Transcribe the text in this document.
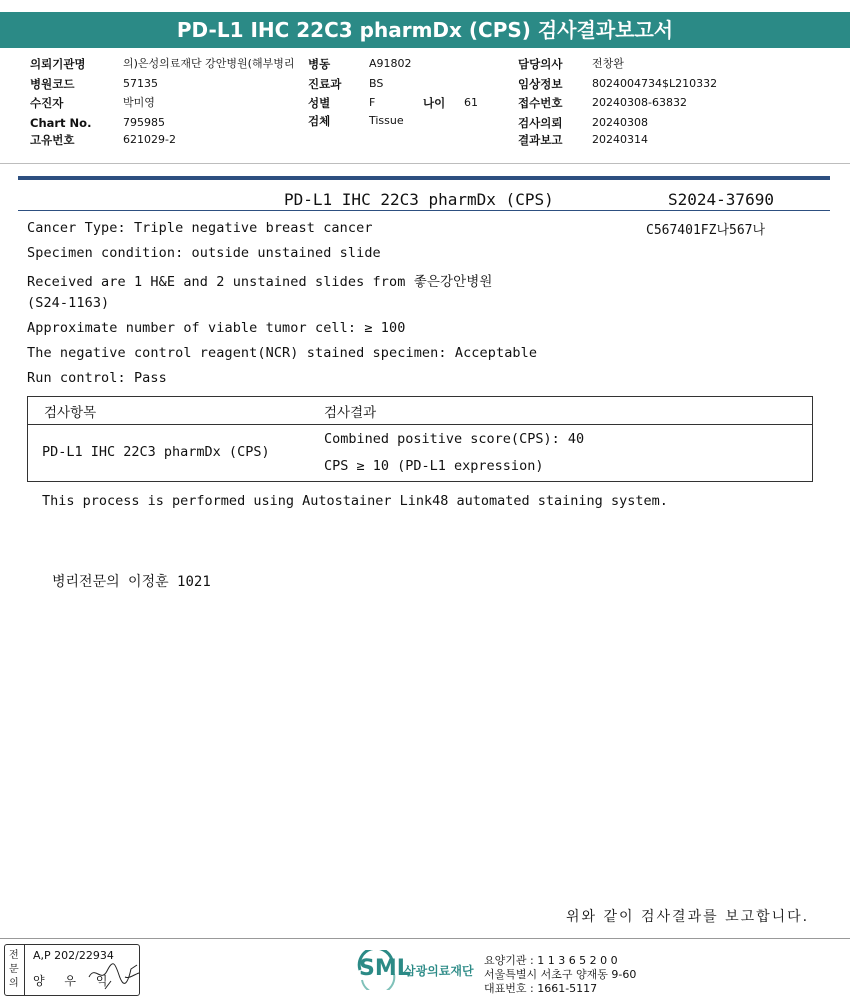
PD-L1 IHC 22C3 pharmDx (CPS) 검사결과보고서
의뢰기관명	의)은성의료재단 강안병원(해부병리 병동	A91802	담당의사	전창완
병원코드	57135	진료과	BS	임상정보	8024004734$L210332
수진자	박미영	성별	F	나이 61	접수번호	20240308-63832
Chart No.	795985	검체	Tissue	검사의뢰	20240308
고유번호	621029-2	결과보고	20240314
PD-L1 IHC 22C3 pharmDx (CPS)	S2024-37690
C567401FZ나567나
Cancer Type: Triple negative breast cancer
Specimen condition: outside unstained slide
Received are 1 H&E and 2 unstained slides from 좋은강안병원
(S24-1163)
Approximate number of viable tumor cell: ≥ 100
The negative control reagent(NCR) stained specimen: Acceptable
Run control: Pass
검사항목	검사결과
PD-L1 IHC 22C3 pharmDx (CPS)
Combined positive score(CPS): 40
CPS ≥ 10 (PD-L1 expression)
This process is performed using Autostainer Link48 automated staining system.
병리전문의 이정훈 1021
위와 같이 검사결과를 보고합니다.
전문의
A,P 202/22934
양 우 익	SML
삼광의료재단
요양기관 : 1 1 3 6 5 2 0 0
서울특별시 서초구 양재동 9-60
대표번호 : 1661-5117
